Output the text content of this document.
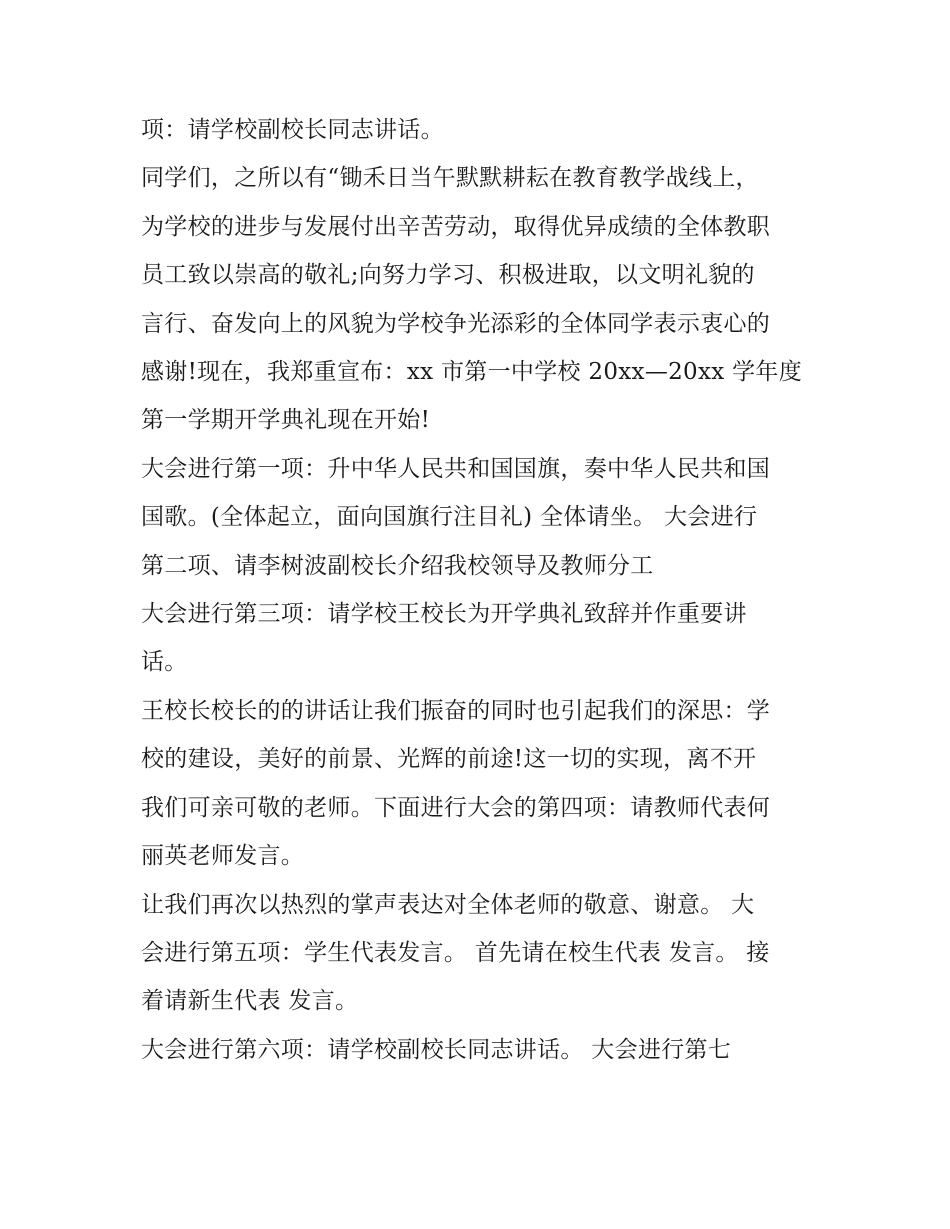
项：请学校副校长同志讲话。

同学们，之所以有“锄禾日当午默默耕耘在教育教学战线上，
为学校的进步与发展付出辛苦劳动，取得优异成绩的全体教职
员工致以崇高的敬礼;向努力学习、积极进取，以文明礼貌的
言行、奋发向上的风貌为学校争光添彩的全体同学表示衷心的
感谢!现在，我郑重宣布：xx 市第一中学校 20xx—20xx 学年度
第一学期开学典礼现在开始!

大会进行第一项：升中华人民共和国国旗，奏中华人民共和国
国歌。(全体起立，面向国旗行注目礼) 全体请坐。 大会进行
第二项、请李树波副校长介绍我校领导及教师分工

大会进行第三项：请学校王校长为开学典礼致辞并作重要讲
话。

王校长校长的的讲话让我们振奋的同时也引起我们的深思：学
校的建设，美好的前景、光辉的前途!这一切的实现，离不开
我们可亲可敬的老师。下面进行大会的第四项：请教师代表何
丽英老师发言。

让我们再次以热烈的掌声表达对全体老师的敬意、谢意。 大
会进行第五项：学生代表发言。 首先请在校生代表 发言。 接
着请新生代表 发言。

大会进行第六项：请学校副校长同志讲话。 大会进行第七
